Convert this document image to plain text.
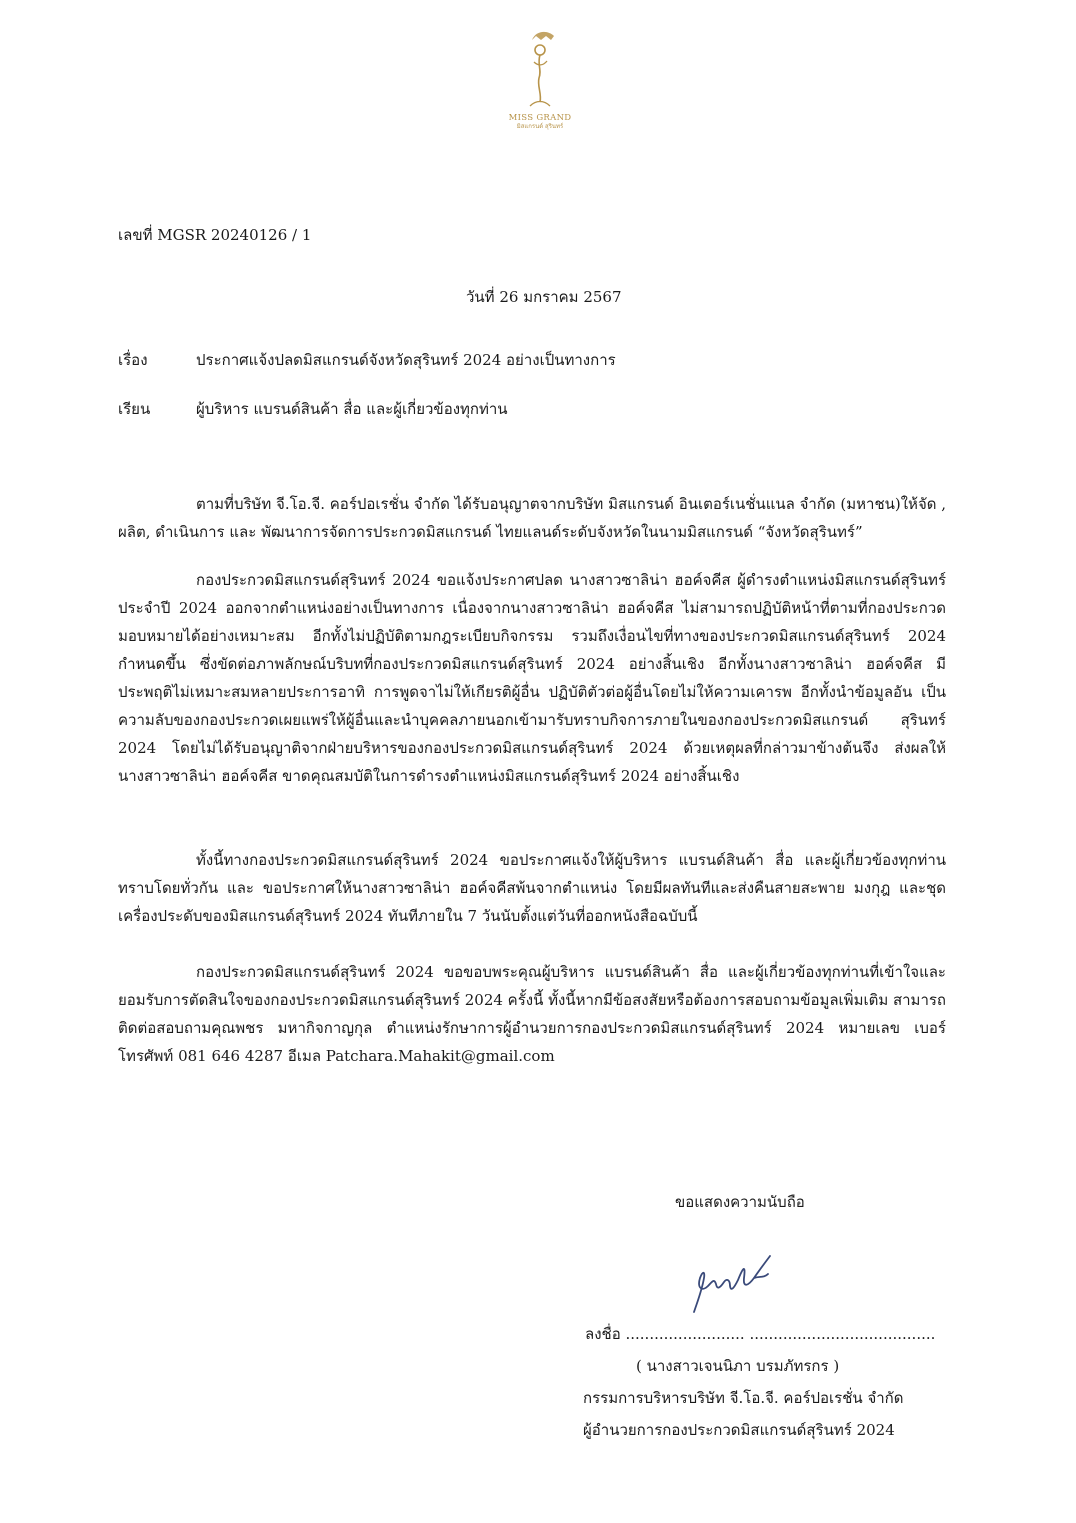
MISS GRAND
มิสแกรนด์ สุรินทร์
เลขที่ MGSR 20240126 / 1
วันที่ 26 มกราคม 2567
เรื่อง	ประกาศแจ้งปลดมิสแกรนด์จังหวัดสุรินทร์ 2024 อย่างเป็นทางการ
เรียน	ผู้บริหาร แบรนด์สินค้า สื่อ และผู้เกี่ยวข้องทุกท่าน

ตามที่บริษัท จี.โอ.จี. คอร์ปอเรชั่น จำกัด ได้รับอนุญาตจากบริษัท มิสแกรนด์ อินเตอร์เนชั่นแนล จำกัด (มหาชน)ให้จัด , ผลิต, ดำเนินการ และ พัฒนาการจัดการประกวดมิสแกรนด์ ไทยแลนด์ระดับจังหวัดในนามมิสแกรนด์ “จังหวัดสุรินทร์”

กองประกวดมิสแกรนด์สุรินทร์ 2024 ขอแจ้งประกาศปลด นางสาวซาลิน่า ฮอค์จคีส ผู้ดำรงตำแหน่งมิสแกรนด์สุรินทร์ ประจำปี 2024 ออกจากตำแหน่งอย่างเป็นทางการ เนื่องจากนางสาวซาลิน่า ฮอค์จคีส ไม่สามารถปฏิบัติหน้าที่ตามที่กองประกวด มอบหมายได้อย่างเหมาะสม อีกทั้งไม่ปฏิบัติตามกฎระเบียบกิจกรรม รวมถึงเงื่อนไขที่ทางของประกวดมิสแกรนด์สุรินทร์ 2024 กำหนดขึ้น ซึ่งขัดต่อภาพลักษณ์บริบทที่กองประกวดมิสแกรนด์สุรินทร์ 2024 อย่างสิ้นเชิง อีกทั้งนางสาวซาลิน่า ฮอค์จคีส มี ประพฤติไม่เหมาะสมหลายประการอาทิ การพูดจาไม่ให้เกียรติผู้อื่น ปฏิบัติตัวต่อผู้อื่นโดยไม่ให้ความเคารพ อีกทั้งนำข้อมูลอัน เป็นความลับของกองประกวดเผยแพร่ให้ผู้อื่นและนำบุคคลภายนอกเข้ามารับทราบกิจการภายในของกองประกวดมิสแกรนด์ สุรินทร์ 2024 โดยไม่ได้รับอนุญาติจากฝ่ายบริหารของกองประกวดมิสแกรนด์สุรินทร์ 2024 ด้วยเหตุผลที่กล่าวมาข้างต้นจึง ส่งผลให้ นางสาวซาลิน่า ฮอค์จคีส ขาดคุณสมบัติในการดำรงตำแหน่งมิสแกรนด์สุรินทร์ 2024 อย่างสิ้นเชิง

ทั้งนี้ทางกองประกวดมิสแกรนด์สุรินทร์ 2024 ขอประกาศแจ้งให้ผู้บริหาร แบรนด์สินค้า สื่อ และผู้เกี่ยวข้องทุกท่าน ทราบโดยทั่วกัน และ ขอประกาศให้นางสาวซาลิน่า ฮอค์จคีสพ้นจากตำแหน่ง โดยมีผลทันทีและส่งคืนสายสะพาย มงกุฎ และชุด เครื่องประดับของมิสแกรนด์สุรินทร์ 2024 ทันทีภายใน 7 วันนับตั้งแต่วันที่ออกหนังสือฉบับนี้

กองประกวดมิสแกรนด์สุรินทร์ 2024 ขอขอบพระคุณผู้บริหาร แบรนด์สินค้า สื่อ และผู้เกี่ยวข้องทุกท่านที่เข้าใจและ ยอมรับการตัดสินใจของกองประกวดมิสแกรนด์สุรินทร์ 2024 ครั้งนี้ ทั้งนี้หากมีข้อสงสัยหรือต้องการสอบถามข้อมูลเพิ่มเติม สามารถติดต่อสอบถามคุณพชร มหากิจกาญกุล ตำแหน่งรักษาการผู้อำนวยการกองประกวดมิสแกรนด์สุรินทร์ 2024 หมายเลข เบอร์โทรศัพท์ 081 646 4287 อีเมล Patchara.Mahakit@gmail.com

ขอแสดงความนับถือ
ลงชื่อ ......................... .......................................
( นางสาวเจนนิภา บรมภัทรกร )
กรรมการบริหารบริษัท จี.โอ.จี. คอร์ปอเรชั่น จำกัด
ผู้อำนวยการกองประกวดมิสแกรนด์สุรินทร์ 2024
